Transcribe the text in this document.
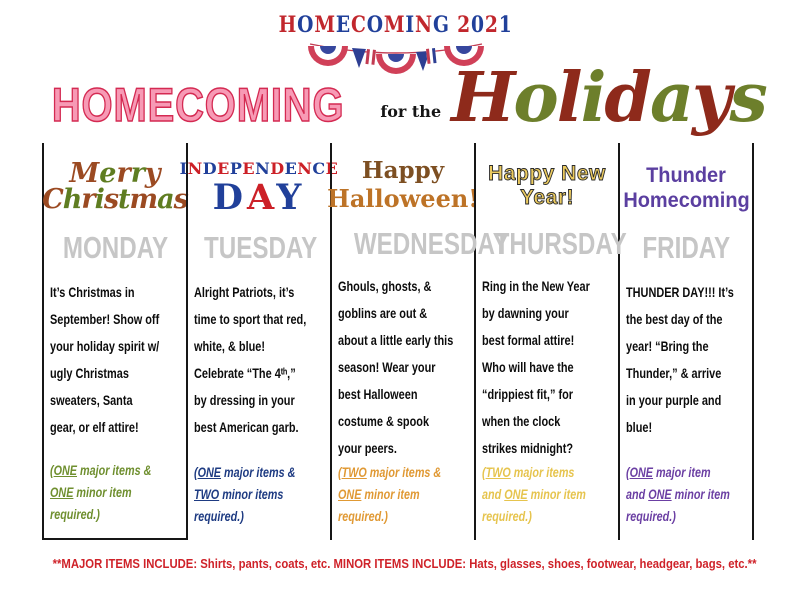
HOMECOMING 2021
HOMECOMING for the Holidays
Merry
Christmas
MONDAY
It’s Christmas in
September! Show off
your holiday spirit w/
ugly Christmas
sweaters, Santa
gear, or elf attire!
(ONE major items &
ONE minor item
required.)
INDEPENDENCE
DAY
TUESDAY
Alright Patriots, it’s
time to sport that red,
white, & blue!
Celebrate “The 4ᵗʰ,”
by dressing in your
best American garb.
(ONE major items &
TWO minor items
required.)
Happy
Halloween!
WEDNESDAY
Ghouls, ghosts, &
goblins are out &
about a little early this
season! Wear your
best Halloween
costume & spook
your peers.
(TWO major items &
ONE minor item
required.)
Happy New
Year!
THURSDAY
Ring in the New Year
by dawning your
best formal attire!
Who will have the
“drippiest fit,” for
when the clock
strikes midnight?
(TWO major items
and ONE minor item
required.)
Thunder
Homecoming
FRIDAY
THUNDER DAY!!! It’s
the best day of the
year! “Bring the
Thunder,” & arrive
in your purple and
blue!
(ONE major item
and ONE minor item
required.)
**MAJOR ITEMS INCLUDE: Shirts, pants, coats, etc. MINOR ITEMS INCLUDE: Hats, glasses, shoes, footwear, headgear, bags, etc.**
